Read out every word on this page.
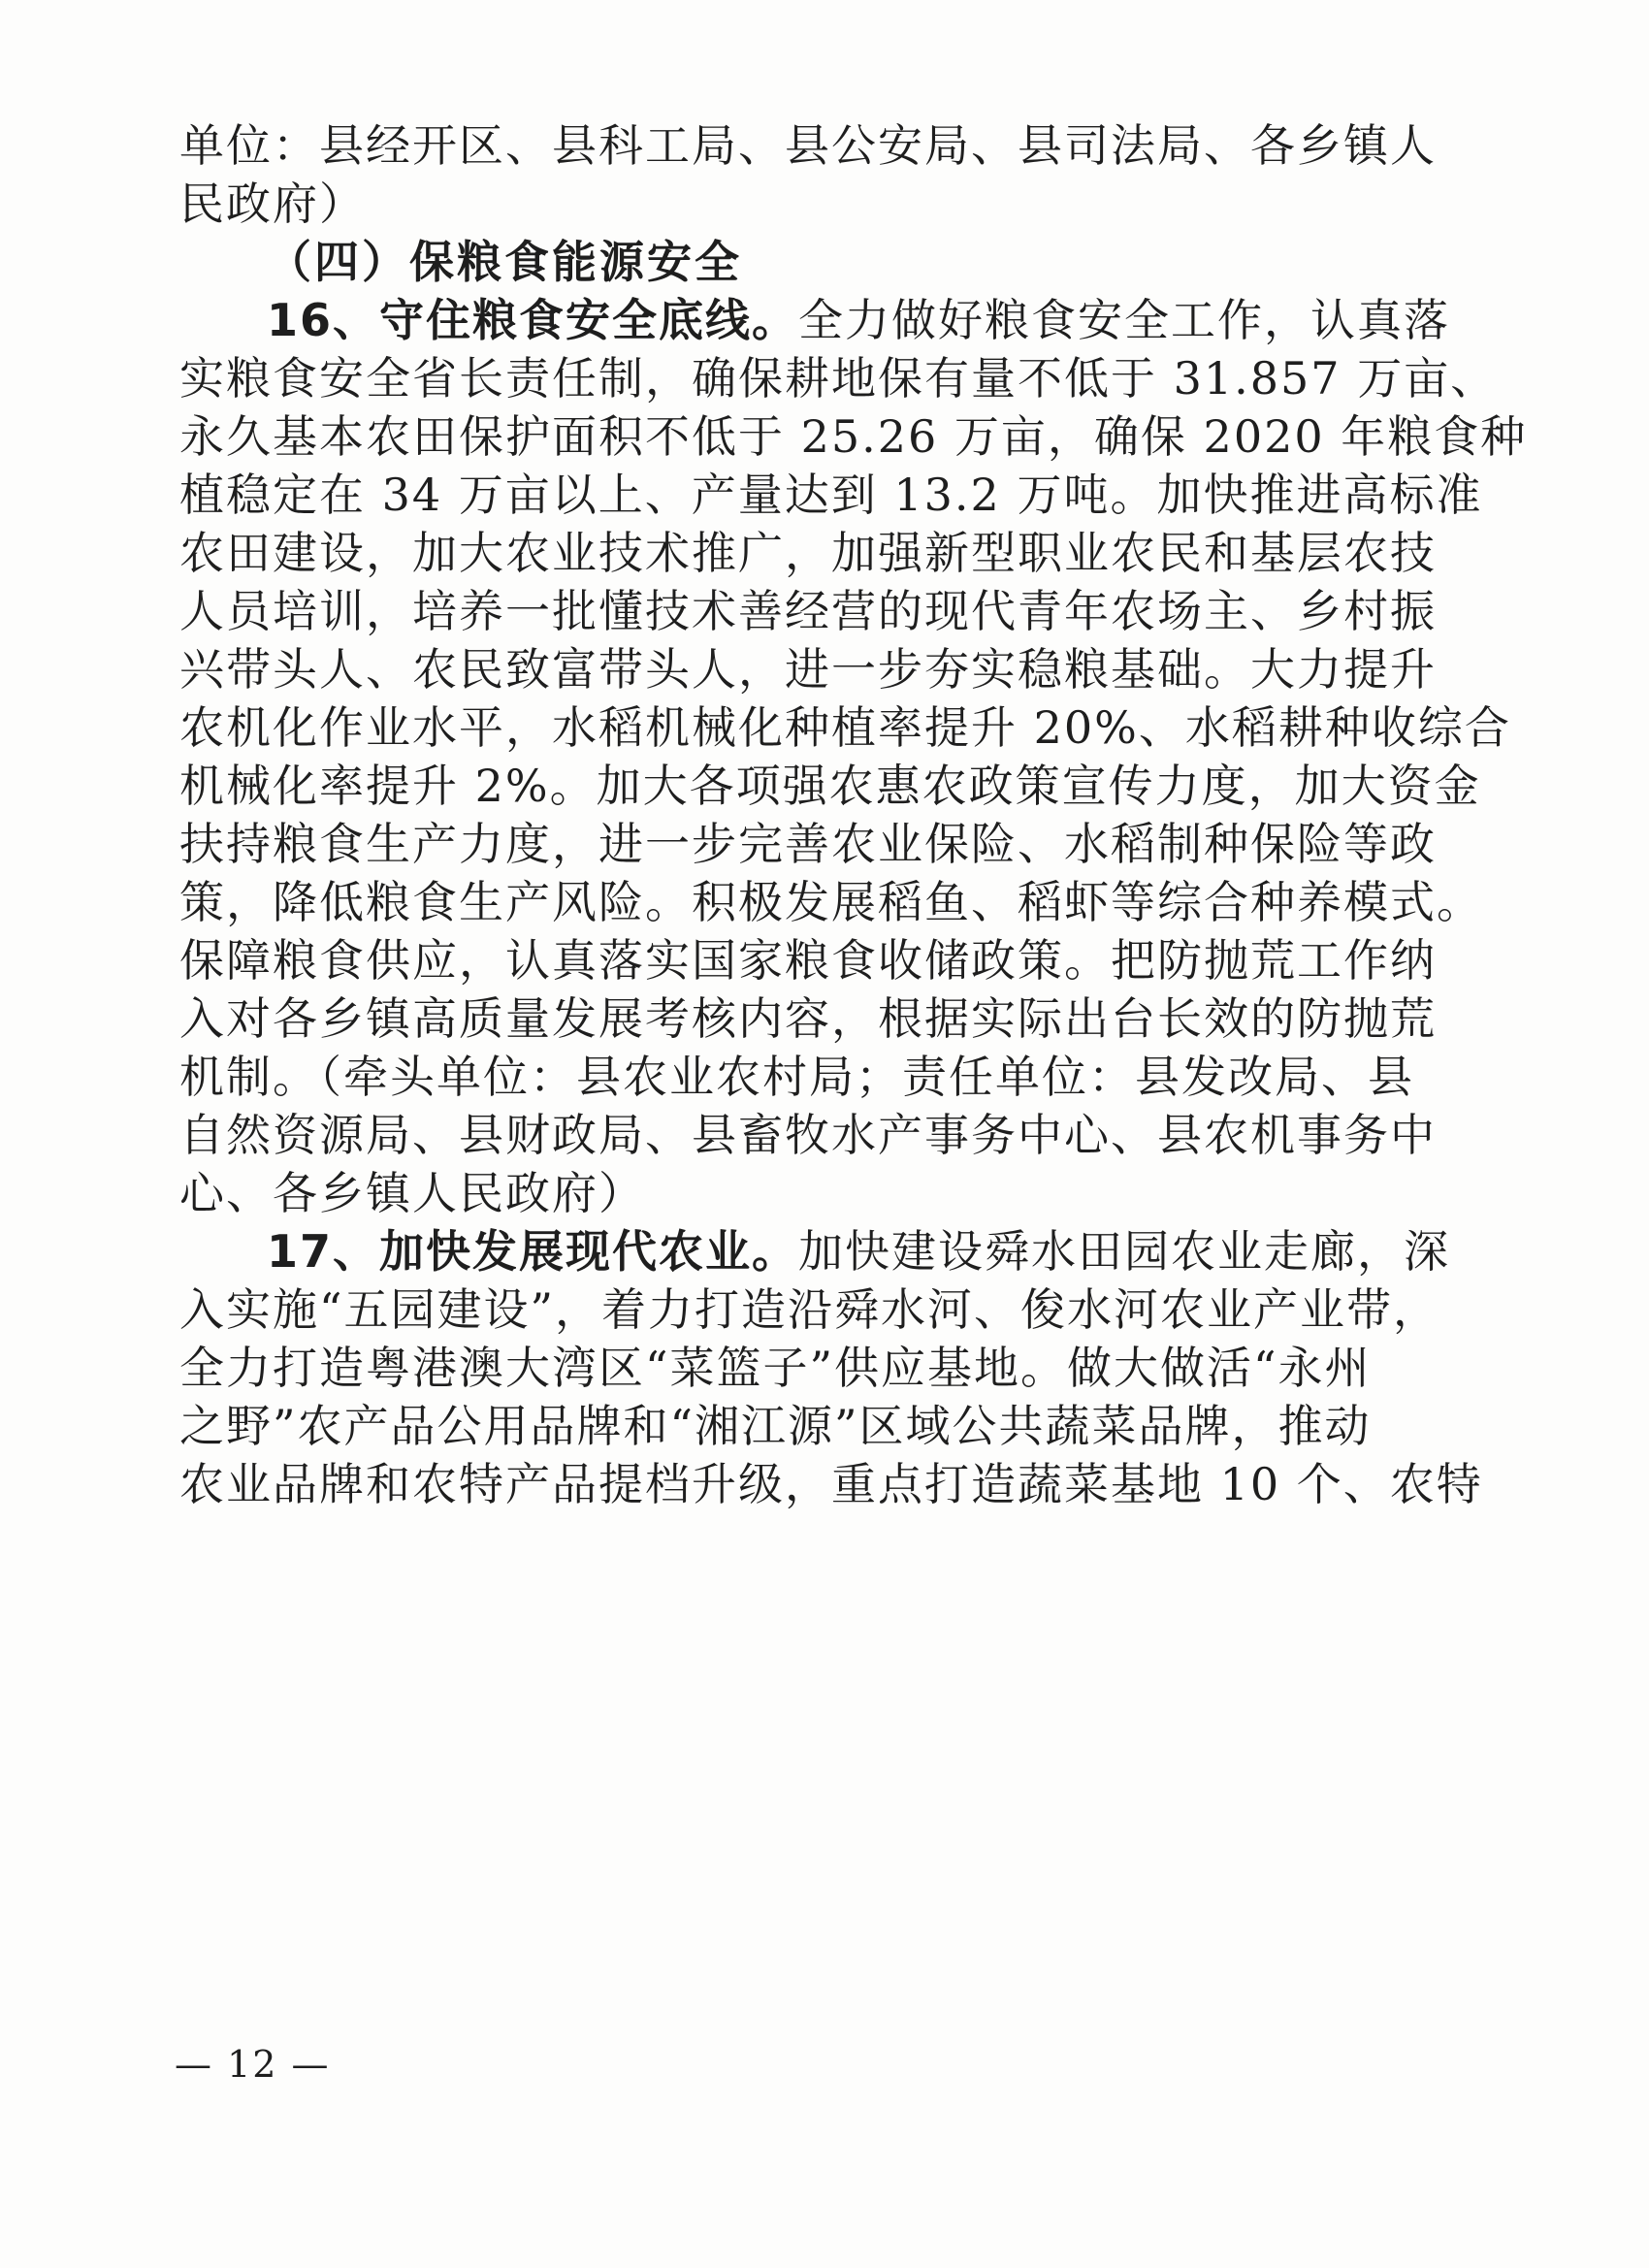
单位：县经开区、县科工局、县公安局、县司法局、各乡镇人
民政府）
（四）保粮食能源安全
16、守住粮食安全底线。全力做好粮食安全工作，认真落
实粮食安全省长责任制，确保耕地保有量不低于 31.857 万亩、
永久基本农田保护面积不低于 25.26 万亩，确保 2020 年粮食种
植稳定在 34 万亩以上、产量达到 13.2 万吨。加快推进高标准
农田建设，加大农业技术推广，加强新型职业农民和基层农技
人员培训，培养一批懂技术善经营的现代青年农场主、乡村振
兴带头人、农民致富带头人，进一步夯实稳粮基础。大力提升
农机化作业水平，水稻机械化种植率提升 20%、水稻耕种收综合
机械化率提升 2%。加大各项强农惠农政策宣传力度，加大资金
扶持粮食生产力度，进一步完善农业保险、水稻制种保险等政
策，降低粮食生产风险。积极发展稻鱼、稻虾等综合种养模式。
保障粮食供应，认真落实国家粮食收储政策。把防抛荒工作纳
入对各乡镇高质量发展考核内容，根据实际出台长效的防抛荒
机制。（牵头单位：县农业农村局；责任单位：县发改局、县
自然资源局、县财政局、县畜牧水产事务中心、县农机事务中
心、各乡镇人民政府）
17、加快发展现代农业。加快建设舜水田园农业走廊，深
入实施“五园建设”，着力打造沿舜水河、俊水河农业产业带，
全力打造粤港澳大湾区“菜篮子”供应基地。做大做活“永州
之野”农产品公用品牌和“湘江源”区域公共蔬菜品牌，推动
农业品牌和农特产品提档升级，重点打造蔬菜基地 10 个、农特
— 12 —
